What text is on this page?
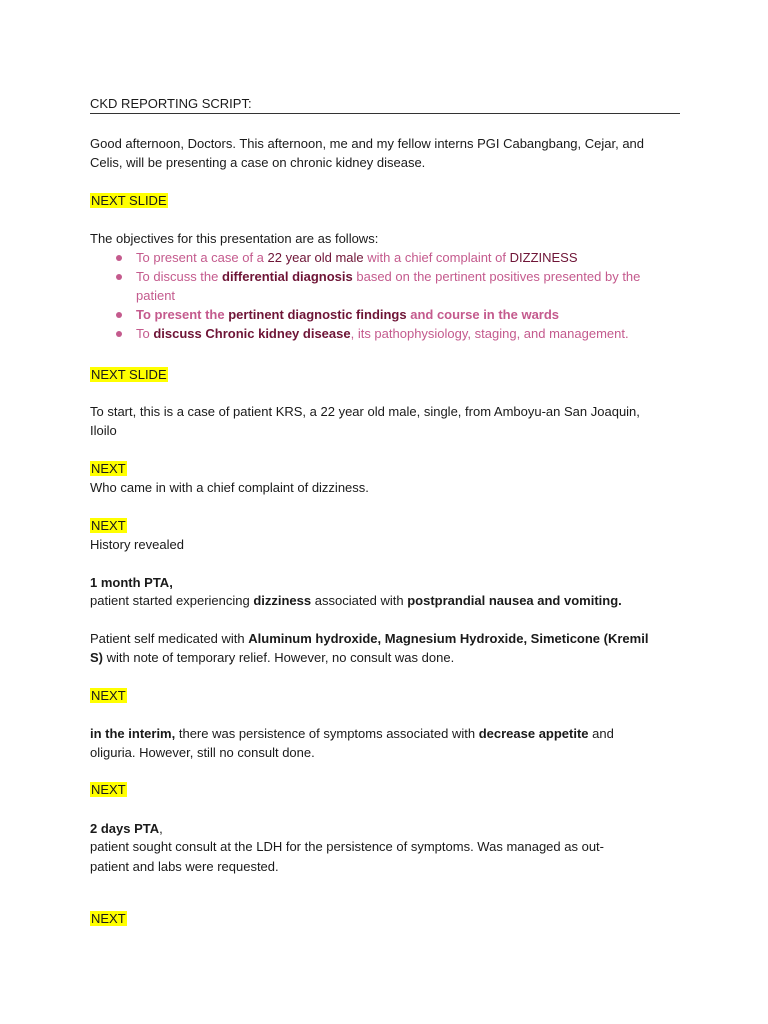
CKD REPORTING SCRIPT:
Good afternoon, Doctors. This afternoon, me and my fellow interns PGI Cabangbang, Cejar, and
Celis, will be presenting a case on chronic kidney disease.
NEXT SLIDE
The objectives for this presentation are as follows:
To present a case of a 22 year old male with a chief complaint of DIZZINESS
To discuss the differential diagnosis based on the pertinent positives presented by the
patient
To present the pertinent diagnostic findings and course in the wards
To discuss Chronic kidney disease, its pathophysiology, staging, and management.
NEXT SLIDE
To start, this is a case of patient KRS, a 22 year old male, single, from Amboyu-an San Joaquin,
Iloilo
NEXT
Who came in with a chief complaint of dizziness.
NEXT
History revealed
1 month PTA,
patient started experiencing dizziness associated with postprandial nausea and vomiting.
Patient self medicated with Aluminum hydroxide, Magnesium Hydroxide, Simeticone (Kremil
S) with note of temporary relief. However, no consult was done.
NEXT
in the interim, there was persistence of symptoms associated with decrease appetite and
oliguria. However, still no consult done.
NEXT
2 days PTA,
patient sought consult at the LDH for the persistence of symptoms. Was managed as out-
patient and labs were requested.
NEXT
